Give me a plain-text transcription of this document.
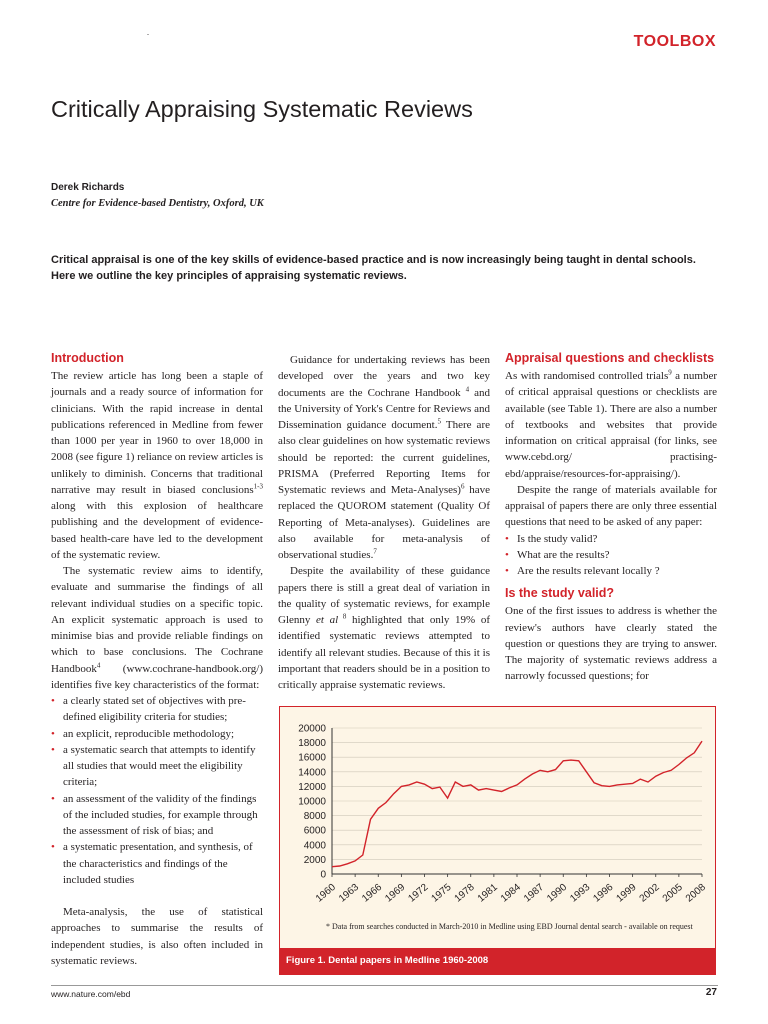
.
TOOLBOX
Critically Appraising Systematic Reviews
Derek Richards
Centre for Evidence-based Dentistry, Oxford, UK
Critical appraisal is one of the key skills of evidence-based practice and is now increasingly being taught in dental schools. Here we outline the key principles of appraising systematic reviews.
Introduction

The review article has long been a staple of journals and a ready source of information for clinicians. With the rapid increase in dental publications referenced in Medline from fewer than 1000 per year in 1960 to over 18,000 in 2008 (see figure 1) reliance on review articles is unlikely to diminish. Concerns that traditional narrative may result in biased conclusions$^{1-3}$ along with this explosion of healthcare publishing and the development of evidence-based health-care have led to the development of the systematic review.

The systematic review aims to identify, evaluate and summarise the findings of all relevant individual studies on a specific topic. An explicit systematic approach is used to minimise bias and provide reliable findings on which to base conclusions. The Cochrane Handbook$^4$ (www.cochrane-handbook.org/) identifies five key characteristics of the format:

• a clearly stated set of objectives with pre-defined eligibility criteria for studies;
• an explicit, reproducible methodology;
• a systematic search that attempts to identify all studies that would meet the eligibility criteria;
• an assessment of the validity of the findings of the included studies, for example through the assessment of risk of bias; and
• a systematic presentation, and synthesis, of the characteristics and findings of the included studies

Meta-analysis, the use of statistical approaches to summarise the results of independent studies, is also often included in systematic reviews.

Guidance for undertaking reviews has been developed over the years and two key documents are the Cochrane Handbook $^4$ and the University of York's Centre for Reviews and Dissemination guidance document.$^5$ There are also clear guidelines on how systematic reviews should be reported: the current guidelines, PRISMA (Preferred Reporting Items for Systematic reviews and Meta-Analyses)$^6$ have replaced the QUOROM statement (Quality Of Reporting of Meta-analyses). Guidelines are also available for meta-analysis of observational studies.$^7$

Despite the availability of these guidance papers there is still a great deal of variation in the quality of systematic reviews, for example Glenny et al $^8$ highlighted that only 19% of identified systematic reviews attempted to identify all relevant studies. Because of this it is important that readers should be in a position to critically appraise systematic reviews.

Appraisal questions and checklists

As with randomised controlled trials$^9$ a number of critical appraisal questions or checklists are available (see Table 1). There are also a number of textbooks and websites that provide information on critical appraisal (for links, see www.cebd.org/ practising-ebd/appraise/resources-for-appraising/).

Despite the range of materials available for appraisal of papers there are only three essential questions that need to be asked of any paper:

• Is the study valid?
• What are the results?
• Are the results relevant locally ?
Is the study valid?

One of the first issues to address is whether the review's authors have clearly stated the question or questions they are trying to answer. The majority of systematic reviews address a narrowly focussed questions; for

0
2000
4000
6000
8000
10000
12000
14000
16000
18000
20000
1960 1963 1966 1969 1972 1975 1978 1981 1984 1987 1990 1993 1996 1999 2002 2005 2008
* Data from searches conducted in March-2010 in Medline using EBD Journal dental search - available on request
Figure 1. Dental papers in Medline 1960-2008
www.nature.com/ebd	27
